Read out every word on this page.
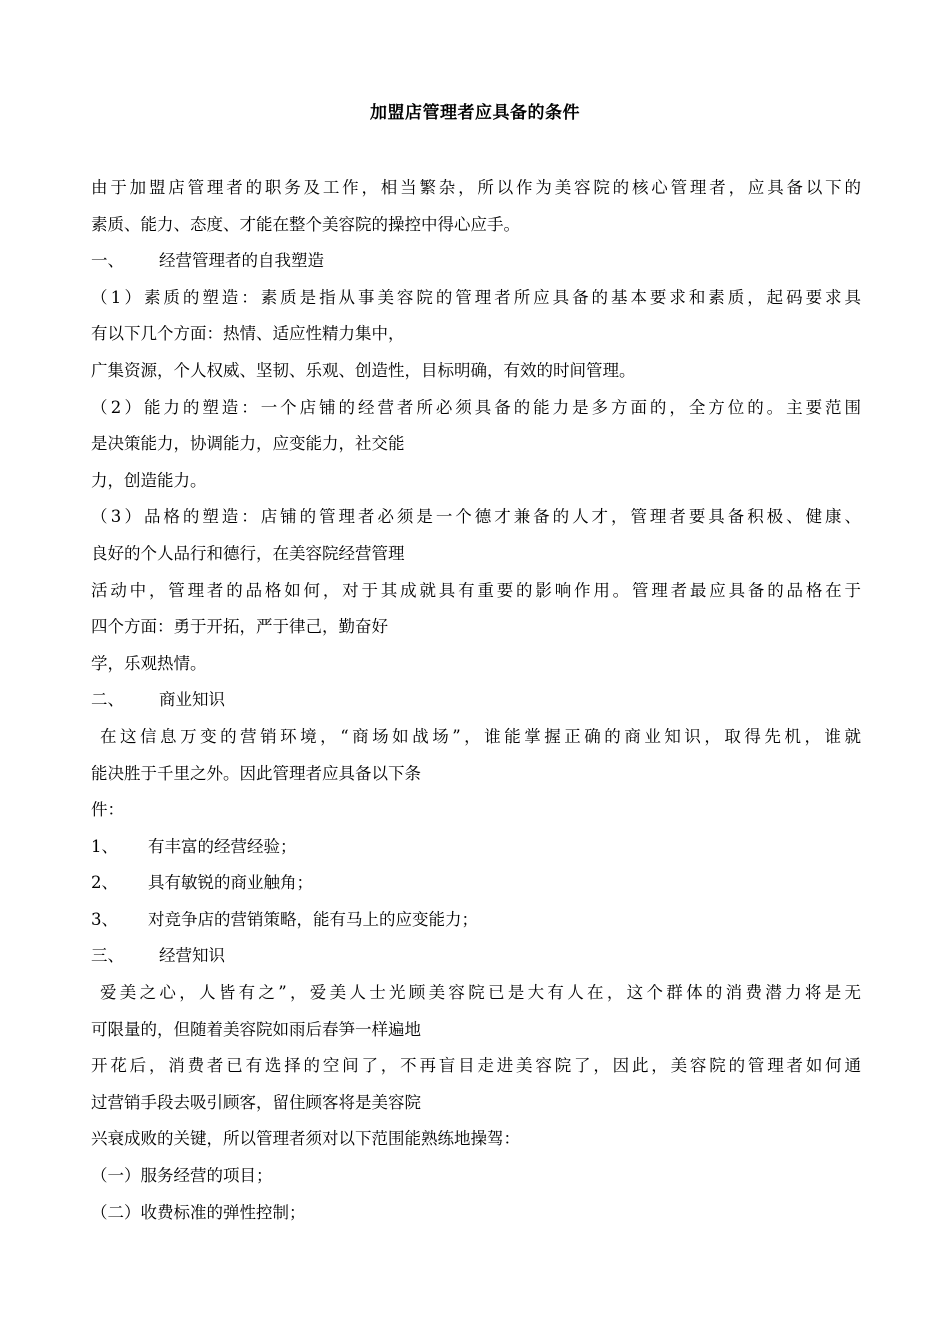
加盟店管理者应具备的条件
由于加盟店管理者的职务及工作，相当繁杂，所以作为美容院的核心管理者，应具备以下的
素质、能力、态度、才能在整个美容院的操控中得心应手。
一、 经营管理者的自我塑造
（1）素质的塑造：素质是指从事美容院的管理者所应具备的基本要求和素质，起码要求具
有以下几个方面：热情、适应性精力集中，
广集资源，个人权威、坚韧、乐观、创造性，目标明确，有效的时间管理。
（2）能力的塑造：一个店铺的经营者所必须具备的能力是多方面的，全方位的。主要范围
是决策能力，协调能力，应变能力，社交能
力，创造能力。
（3）品格的塑造：店铺的管理者必须是一个德才兼备的人才，管理者要具备积极、健康、
良好的个人品行和德行，在美容院经营管理
活动中，管理者的品格如何，对于其成就具有重要的影响作用。管理者最应具备的品格在于
四个方面：勇于开拓，严于律己，勤奋好
学，乐观热情。
二、 商业知识
在这信息万变的营销环境，“商场如战场”，谁能掌握正确的商业知识，取得先机，谁就
能决胜于千里之外。因此管理者应具备以下条
件：
1、 有丰富的经营经验；
2、 具有敏锐的商业触角；
3、 对竞争店的营销策略，能有马上的应变能力；
三、 经营知识
爱美之心，人皆有之”，爱美人士光顾美容院已是大有人在，这个群体的消费潜力将是无
可限量的，但随着美容院如雨后春笋一样遍地
开花后，消费者已有选择的空间了，不再盲目走进美容院了，因此，美容院的管理者如何通
过营销手段去吸引顾客，留住顾客将是美容院
兴衰成败的关键，所以管理者须对以下范围能熟练地操驾：
（一）服务经营的项目；
（二）收费标准的弹性控制；
